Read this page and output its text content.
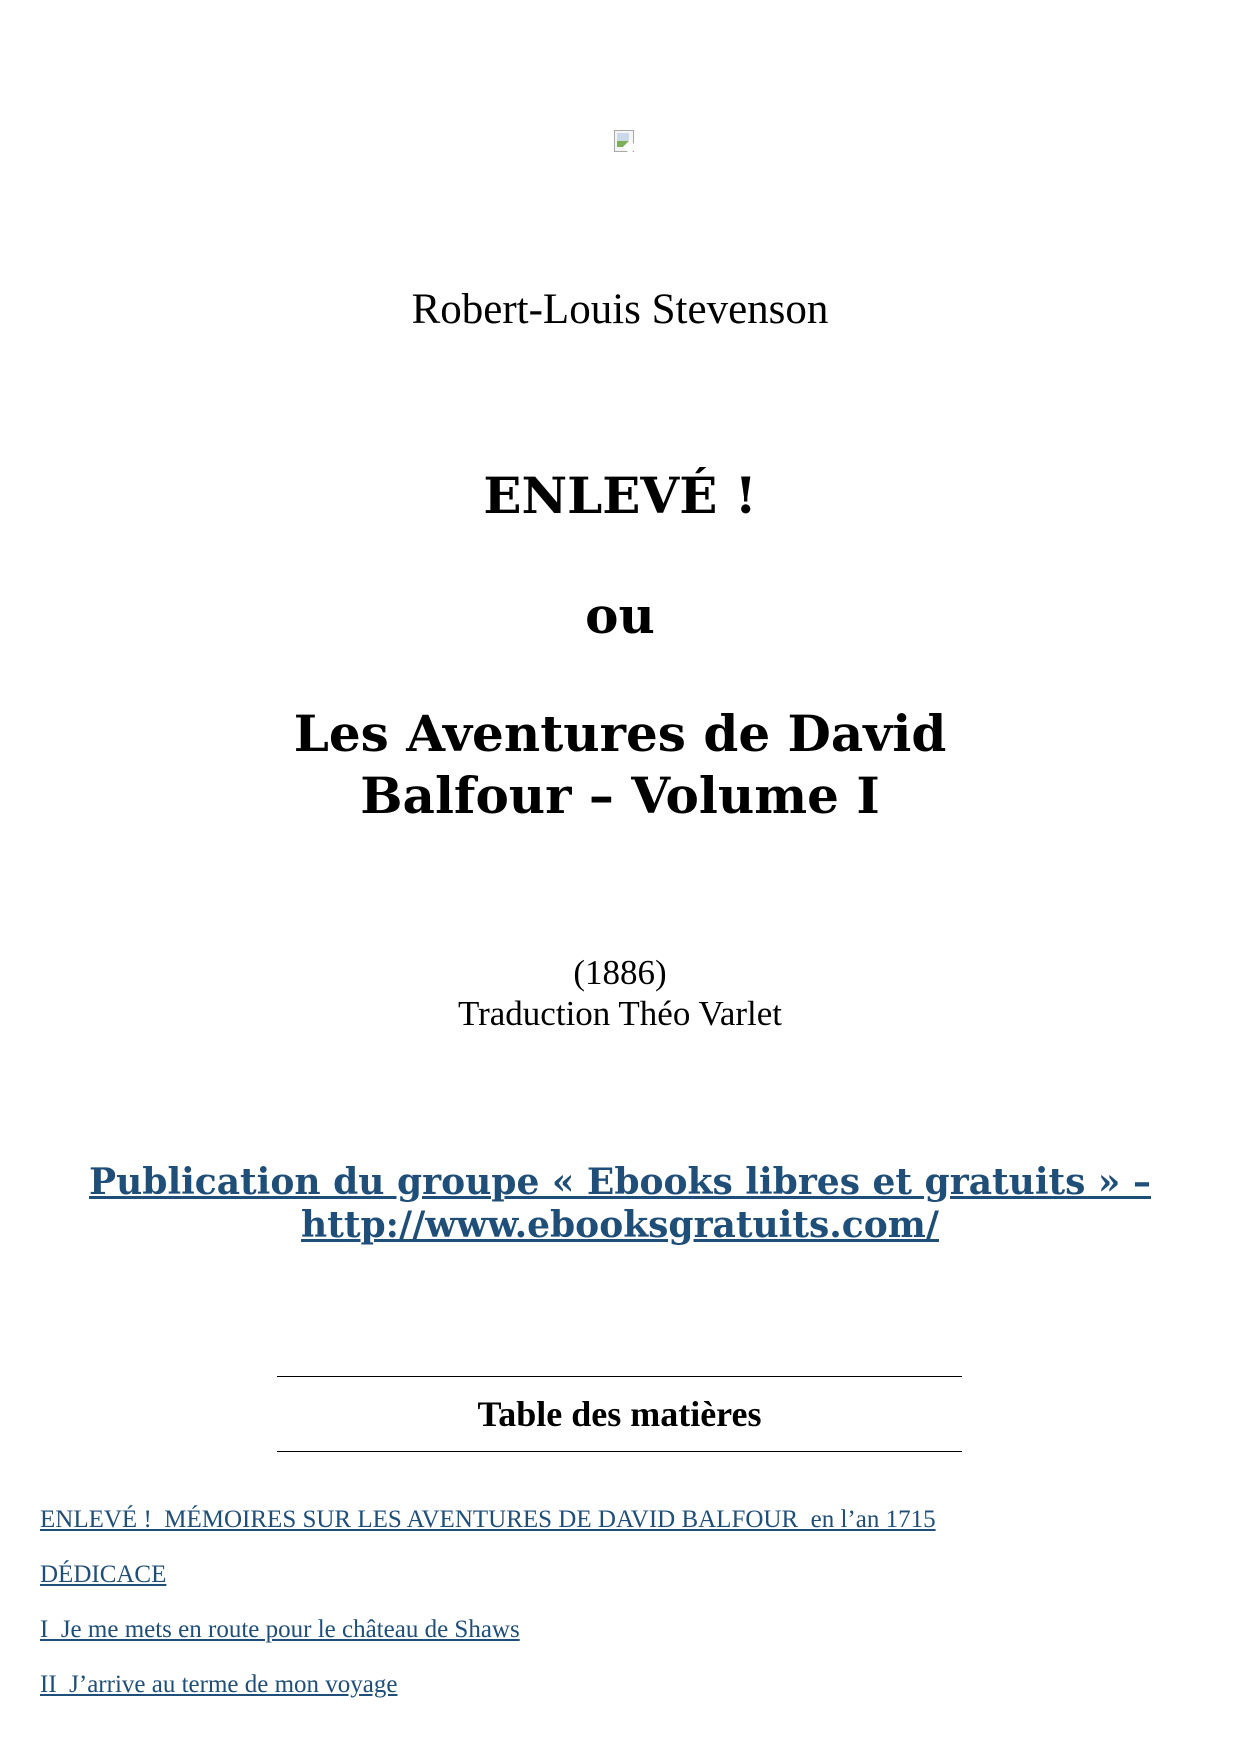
Robert-Louis Stevenson

ENLEVÉ !
ou
Les Aventures de David
Balfour – Volume I
(1886)
Traduction Théo Varlet
Publication du groupe « Ebooks libres et gratuits » –
http://www.ebooksgratuits.com/
Table des matières
ENLEVÉ !  MÉMOIRES SUR LES AVENTURES DE DAVID BALFOUR  en l’an 1715
DÉDICACE
I  Je me mets en route pour le château de Shaws
II  J’arrive au terme de mon voyage
